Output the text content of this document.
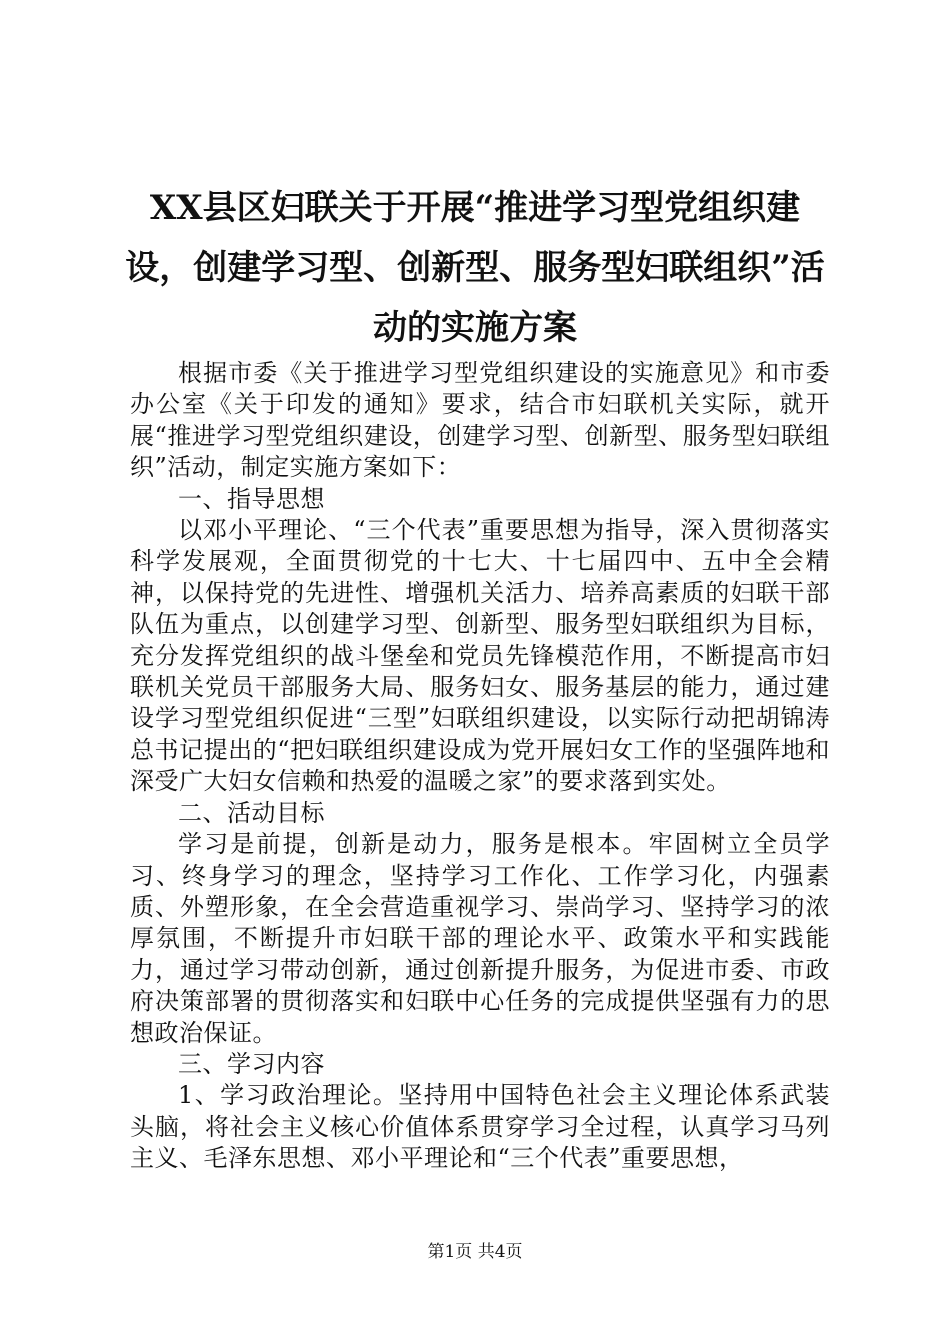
XX县区妇联关于开展“推进学习型党组织建设，创建学习型、创新型、服务型妇联组织”活动的实施方案

根据市委《关于推进学习型党组织建设的实施意见》和市委办公室《关于印发的通知》要求，结合市妇联机关实际，就开展“推进学习型党组织建设，创建学习型、创新型、服务型妇联组织”活动，制定实施方案如下：

一、指导思想

以邓小平理论、“三个代表”重要思想为指导，深入贯彻落实科学发展观，全面贯彻党的十七大、十七届四中、五中全会精神，以保持党的先进性、增强机关活力、培养高素质的妇联干部队伍为重点，以创建学习型、创新型、服务型妇联组织为目标，充分发挥党组织的战斗堡垒和党员先锋模范作用，不断提高市妇联机关党员干部服务大局、服务妇女、服务基层的能力，通过建设学习型党组织促进“三型”妇联组织建设，以实际行动把胡锦涛总书记提出的“把妇联组织建设成为党开展妇女工作的坚强阵地和深受广大妇女信赖和热爱的温暖之家”的要求落到实处。

二、活动目标

学习是前提，创新是动力，服务是根本。牢固树立全员学习、终身学习的理念，坚持学习工作化、工作学习化，内强素质、外塑形象，在全会营造重视学习、崇尚学习、坚持学习的浓厚氛围，不断提升市妇联干部的理论水平、政策水平和实践能力，通过学习带动创新，通过创新提升服务，为促进市委、市政府决策部署的贯彻落实和妇联中心任务的完成提供坚强有力的思想政治保证。

三、学习内容

1、学习政治理论。坚持用中国特色社会主义理论体系武装头脑，将社会主义核心价值体系贯穿学习全过程，认真学习马列主义、毛泽东思想、邓小平理论和“三个代表”重要思想，

第1页 共4页
